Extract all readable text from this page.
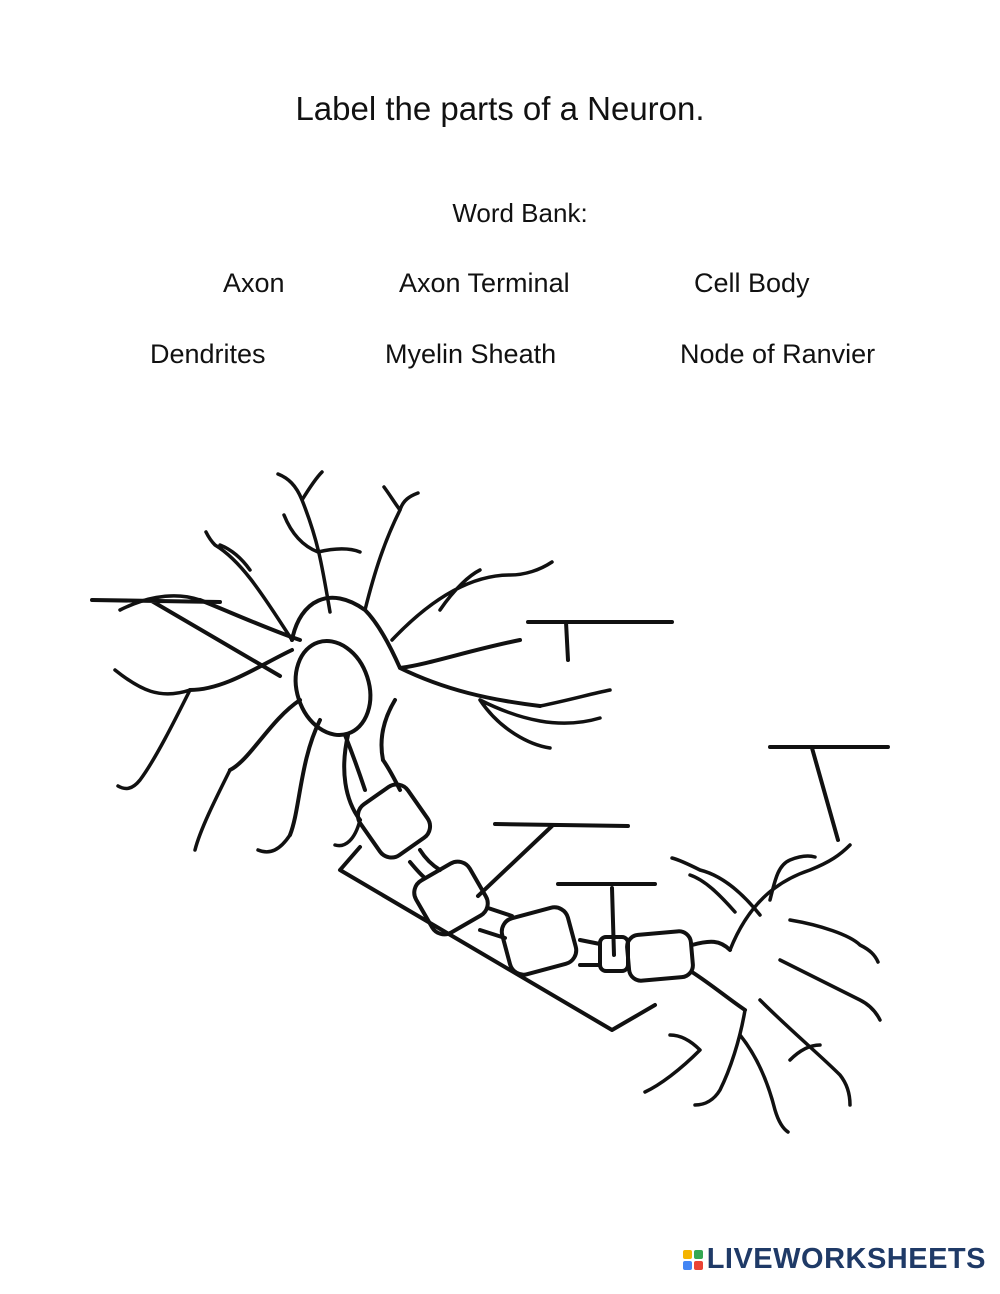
Label the parts of a Neuron.
Word Bank:
Axon	Axon Terminal	Cell Body
Dendrites	Myelin Sheath	Node of Ranvier
LIVEWORKSHEETS
